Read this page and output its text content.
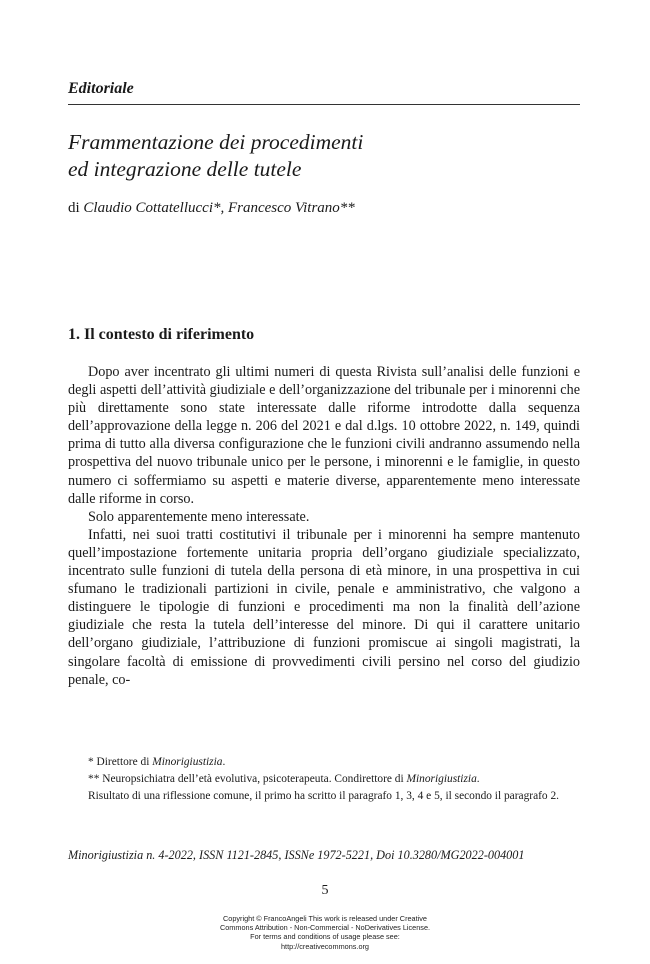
Editoriale
Frammentazione dei procedimenti
ed integrazione delle tutele
di Claudio Cottatellucci*, Francesco Vitrano**
1. Il contesto di riferimento

Dopo aver incentrato gli ultimi numeri di questa Rivista sull’analisi delle funzioni e degli aspetti dell’attività giudiziale e dell’organizzazione del tribunale per i minorenni che più direttamente sono state interessate dalle riforme introdotte dalla sequenza dell’approvazione della legge n. 206 del 2021 e dal d.lgs. 10 ottobre 2022, n. 149, quindi prima di tutto alla diversa configurazione che le funzioni civili andranno assumendo nella prospettiva del nuovo tribunale unico per le persone, i minorenni e le famiglie, in questo numero ci soffermiamo su aspetti e materie diverse, apparentemente meno interessate dalle riforme in corso.

Solo apparentemente meno interessate.

Infatti, nei suoi tratti costitutivi il tribunale per i minorenni ha sempre mantenuto quell’impostazione fortemente unitaria propria dell’organo giudiziale specializzato, incentrato sulle funzioni di tutela della persona di età minore, in una prospettiva in cui sfumano le tradizionali partizioni in civile, penale e amministrativo, che valgono a distinguere le tipologie di funzioni e procedimenti ma non la finalità dell’azione giudiziale che resta la tutela dell’interesse del minore. Di qui il carattere unitario dell’organo giudiziale, l’attribuzione di funzioni promiscue ai singoli magistrati, la singolare facoltà di emissione di provvedimenti civili persino nel corso del giudizio penale, co-

* Direttore di Minorigiustizia.

** Neuropsichiatra dell’età evolutiva, psicoterapeuta. Condirettore di Minorigiustizia.

Risultato di una riflessione comune, il primo ha scritto il paragrafo 1, 3, 4 e 5, il secondo il paragrafo 2.

Minorigiustizia n. 4-2022, ISSN 1121-2845, ISSNe 1972-5221, Doi 10.3280/MG2022-004001
5
Copyright © FrancoAngeli This work is released under Creative
Commons Attribution - Non-Commercial - NoDerivatives License.
For terms and conditions of usage please see:
http://creativecommons.org
